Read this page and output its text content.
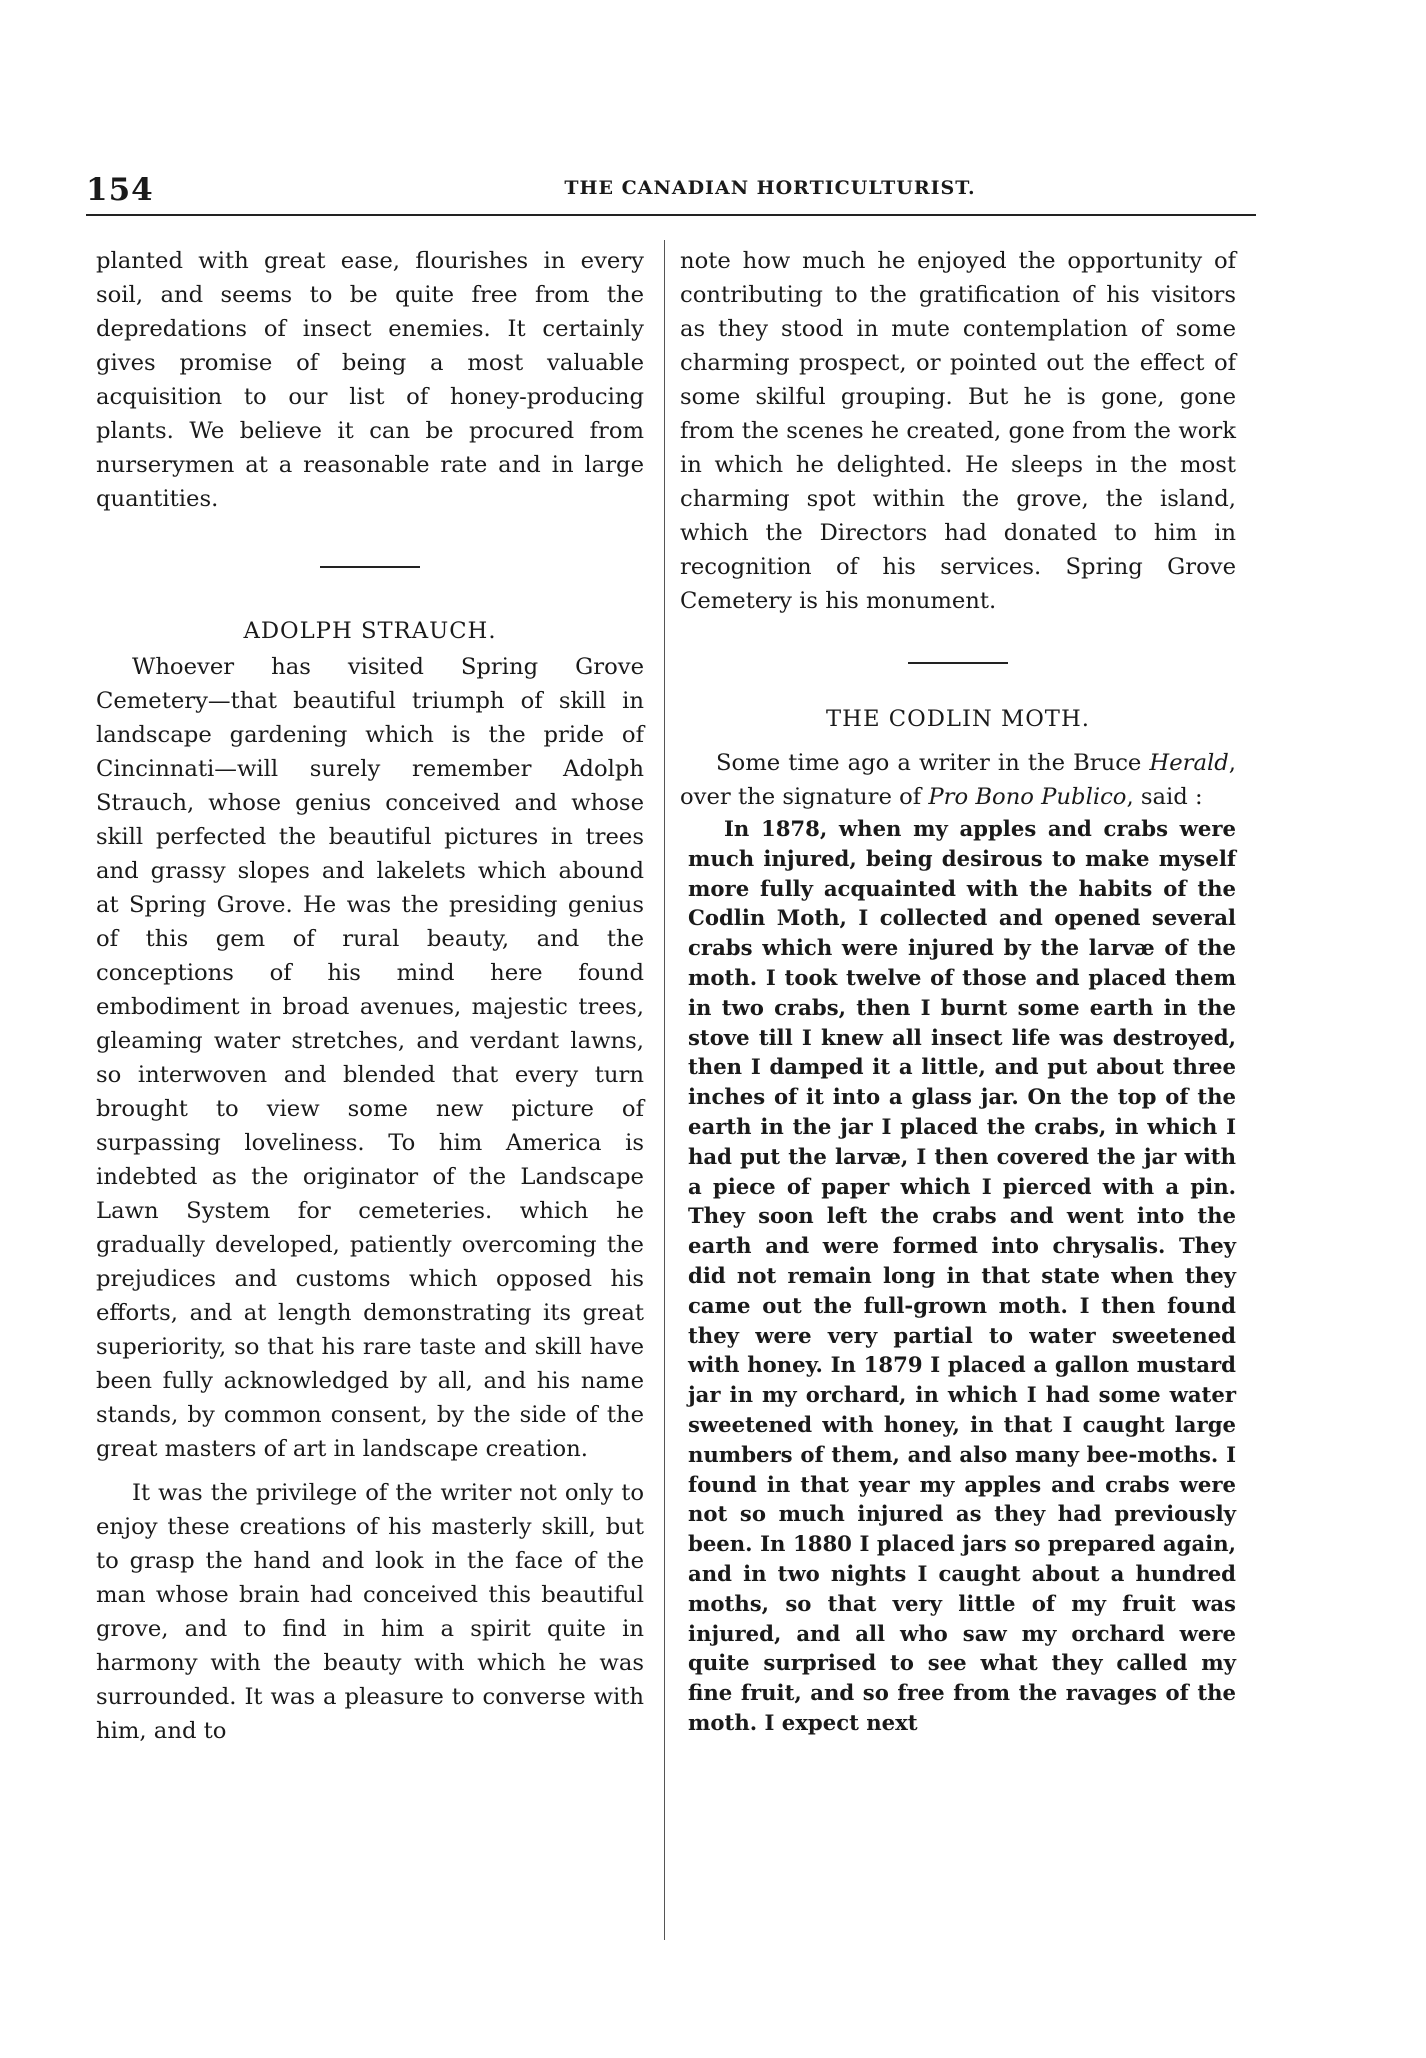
154	THE CANADIAN HORTICULTURIST.

planted with great ease, flourishes in every soil, and seems to be quite free from the depredations of insect enemies. It certainly gives promise of being a most valuable acquisition to our list of honey-producing plants. We believe it can be procured from nurserymen at a reasonable rate and in large quantities.

ADOLPH STRAUCH.

Whoever has visited Spring Grove Cemetery—that beautiful triumph of skill in landscape gardening which is the pride of Cincinnati—will surely remember Adolph Strauch, whose genius conceived and whose skill perfected the beautiful pictures in trees and grassy slopes and lakelets which abound at Spring Grove. He was the presiding genius of this gem of rural beauty, and the conceptions of his mind here found embodiment in broad avenues, majestic trees, gleaming water stretches, and verdant lawns, so interwoven and blended that every turn brought to view some new picture of surpassing loveliness. To him America is indebted as the originator of the Landscape Lawn System for cemeteries. which he gradually developed, patiently overcoming the prejudices and customs which opposed his efforts, and at length demonstrating its great superiority, so that his rare taste and skill have been fully acknowledged by all, and his name stands, by common consent, by the side of the great masters of art in landscape creation.

It was the privilege of the writer not only to enjoy these creations of his masterly skill, but to grasp the hand and look in the face of the man whose brain had conceived this beautiful grove, and to find in him a spirit quite in harmony with the beauty with which he was surrounded. It was a pleasure to converse with him, and to

note how much he enjoyed the opportunity of contributing to the gratification of his visitors as they stood in mute contemplation of some charming prospect, or pointed out the effect of some skilful grouping. But he is gone, gone from the scenes he created, gone from the work in which he delighted. He sleeps in the most charming spot within the grove, the island, which the Directors had donated to him in recognition of his services. Spring Grove Cemetery is his monument.

THE CODLIN MOTH.

Some time ago a writer in the Bruce Herald, over the signature of Pro Bono Publico, said :

In 1878, when my apples and crabs were much injured, being desirous to make myself more fully acquainted with the habits of the Codlin Moth, I collected and opened several crabs which were injured by the larvæ of the moth. I took twelve of those and placed them in two crabs, then I burnt some earth in the stove till I knew all insect life was destroyed, then I damped it a little, and put about three inches of it into a glass jar. On the top of the earth in the jar I placed the crabs, in which I had put the larvæ, I then covered the jar with a piece of paper which I pierced with a pin. They soon left the crabs and went into the earth and were formed into chrysalis. They did not remain long in that state when they came out the full-grown moth. I then found they were very partial to water sweetened with honey. In 1879 I placed a gallon mustard jar in my orchard, in which I had some water sweetened with honey, in that I caught large numbers of them, and also many bee-moths. I found in that year my apples and crabs were not so much injured as they had previously been. In 1880 I placed jars so prepared again, and in two nights I caught about a hundred moths, so that very little of my fruit was injured, and all who saw my orchard were quite surprised to see what they called my fine fruit, and so free from the ravages of the moth. I expect next
